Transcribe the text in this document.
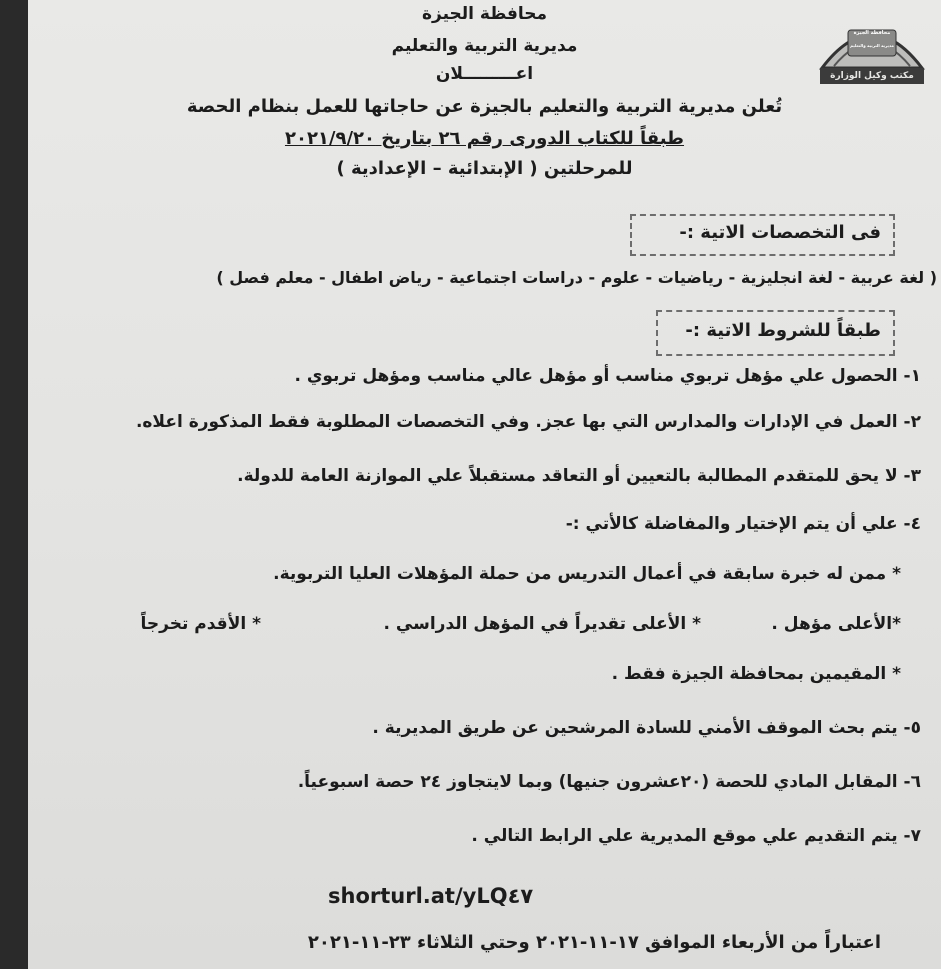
محافظة الجيزة
مديرية التربية والتعليم
مكتب وكيل الوزارة
محافظة الجيزة
مديرية التربية والتعليم
اعـــــــــلان
تُعلن مديرية التربية والتعليم بالجيزة عن حاجاتها للعمل بنظام الحصة
طبقاً للكتاب الدورى رقم ٢٦ بتاريخ ٢٠٢١/٩/٢٠
للمرحلتين ( الإبتدائية – الإعدادية )
فى التخصصات الاتية :-
( لغة عربية - لغة انجليزية - رياضيات - علوم - دراسات اجتماعية - رياض اطفال - معلم فصل )
طبقاً للشروط الاتية :-
١- الحصول علي مؤهل تربوي مناسب أو مؤهل عالي مناسب ومؤهل تربوي .
٢- العمل في الإدارات والمدارس التي بها عجز. وفي التخصصات المطلوبة فقط المذكورة اعلاه.
٣- لا يحق للمتقدم المطالبة بالتعيين أو التعاقد مستقبلاً علي الموازنة العامة للدولة.
٤- علي أن يتم الإختيار والمفاضلة كالأتي :-
* ممن له خبرة سابقة في أعمال التدريس من حملة المؤهلات العليا التربوية.
*الأعلى مؤهل .
* الأعلى تقديراً في المؤهل الدراسي .
* الأقدم تخرجاً
* المقيمين بمحافظة الجيزة فقط .
٥- يتم بحث الموقف الأمني للسادة المرشحين عن طريق المديرية .
٦- المقابل المادي للحصة (٢٠عشرون جنيها) وبما لايتجاوز ٢٤ حصة اسبوعياً.
٧- يتم التقديم علي موقع المديرية علي الرابط التالي .
shorturl.at/yLQ٤٧
اعتباراً من الأربعاء الموافق ١٧-١١-٢٠٢١ وحتي الثلاثاء ٢٣-١١-٢٠٢١
